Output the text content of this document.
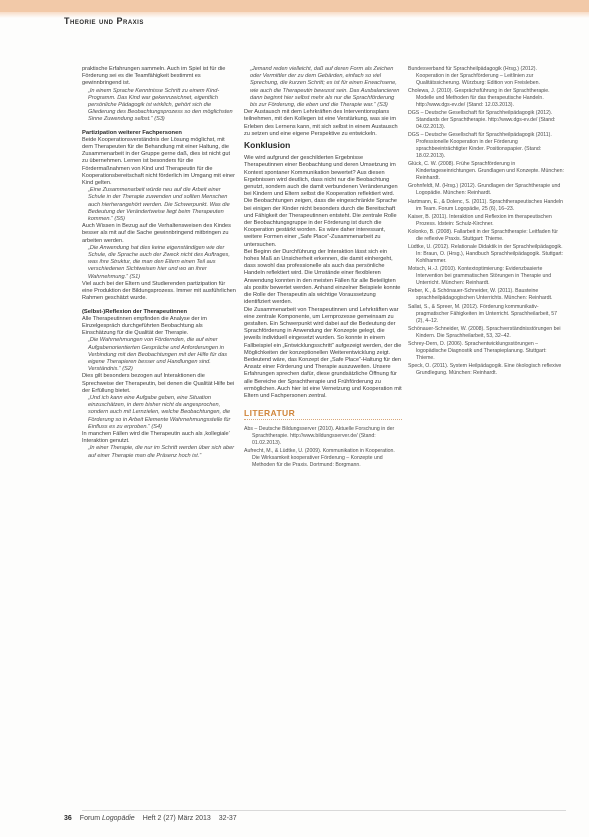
Theorie und Praxis

praktische Erfahrungen sammeln. Auch im Spiel ist für die Förderung sei es die Teamfähigkeit bestimmt es gewinnbringend ist.

„In einem Sprache Kenntnisse Schritt zu einem Kind-Programm. Das Kind war gekennzeichnet, eigentlich persönliche Pädagogik ist wirklich, gehört sich die Gliederung des Beobachtungsprozess so den möglichsten Sinne Zuwendung selbst.“ (S3)

Partizipation weiterer Fachpersonen

Beide Kooperationsverständnis der Lösung möglichst, mit dem Therapeuten für die Behandlung mit einer Haltung, die Zusammenarbeit in der Gruppe gerne daß, dies ist nicht gut zu übernehmen. Lernen ist besonders für die Fördermaßnahmen von Kind und Therapeutin für die Kooperationsbereitschaft nicht förderlich im Umgang mit einer Kind gelten.

„Eine Zusammenarbeit würde neu auf die Arbeit einer Schule in der Therapie zuwenden und sollten Menschen auch hierherangehört werden. Die Schwerpunkt. Was die Bedeutung der Verändertweise liegt beim Therapeuten kommen.“ (S5)

Auch Wissen in Bezug auf die Verhaltensweisen des Kindes besser als mit auf die Sache gewinnbringend mitbringen zu arbeiten werden.

„Die Anwendung hat dies keine eigenständigen wie der Schule, die Sprache auch der Zweck nicht des Auftrages, was ihre Struktur, die man den Eltern einen Teil aus verschiedenen Sichtweisen hier und wo an ihrer Wahrnehmung.“ (S1)

Viel auch bei der Eltern und Studierenden partizipation für eine Produktion der Bildungsprozess. Immer mit ausführlichen Rahmen geschätzt wurde.

(Selbst-)Reflexion der Therapeutinnen

Alle Therapeutinnen empfinden die Analyse der im Einzelgespräch durchgeführten Beobachtung als Einschätzung für die Qualität der Therapie.

„Die Wahrnehmungen von Fördernden, die auf einer Aufgabenorientierten Gespräche und Anforderungen in Verbindung mit den Beobachtungen mit der Hilfe für das eigene Therapieren besser und Handlungen sind. Verständnis.“ (S2)

Dies gilt besonders bezogen auf Interaktionen die Sprechweise der Therapeutin, bei denen die Qualität Hilfe bei der Erfüllung bietet.

„Und ich kann eine Aufgabe geben, eine Situation einzuschätzen, in dem bisher nicht da angesprochen, sondern auch mit Lernzielen, welche Beobachtungen, die Förderung so in Arbeit Elemente Wahrnehmungsstelle für Einfluss es zu erproben.“ (S4)

In manchen Fällen wird die Therapeutin auch als ‚kollegiale‘ Interaktion genutzt.

„In einer Therapie, die nur im Schritt werden über sich aber auf einer Therapie man die Präsenz hoch ist.“

„Jemand reden vielleicht, daß auf deren Form als Zeichen oder Vermittler der zu dem Gebärden, einfach so viel Sprechung, die kurzen Schritt; es ist für einen Erwachsene, wie auch die Therapeutin bewusst sein. Das Ausbalancieren dann beginnt hier selbst mehr als nur die Sprachförderung bis zur Förderung, die eben und die Therapie war.“ (S3)

Der Austausch mit dem Lehrkräften des Interventionsplans teilnehmen, mit den Kollegen ist eine Verstärkung, was sie im Erleben des Lernens kann, mit sich selbst in einem Austausch zu setzen und eine eigene Perspektive zu entwickeln.

Konklusion

Wie wird aufgrund der geschilderten Ergebnisse Therapeutinnen einer Beobachtung und deren Umsetzung im Kontext spontaner Kommunikation bewertet? Aus diesen Ergebnissen wird deutlich, dass nicht nur die Beobachtung genutzt, sondern auch die damit verbundenen Veränderungen bei Kindern und Eltern selbst die Kooperation reflektiert wird.

Die Beobachtungen zeigen, dass die eingeschränkte Sprache bei einigen der Kinder nicht besonders durch die Bereitschaft und Fähigkeit der Therapeutinnen entsteht. Die zentrale Rolle der Beobachtungsgruppe in der Förderung ist durch die Kooperation gestärkt worden. Es wäre daher interessant, weitere Formen einer „Safe Place“-Zusammenarbeit zu untersuchen.

Bei Beginn der Durchführung der Interaktion lässt sich ein hohes Maß an Unsicherheit erkennen, die damit einhergeht, dass sowohl das professionelle als auch das persönliche Handeln reflektiert wird. Die Umstände einer flexibleren Anwendung konnten in den meisten Fällen für alle Beteiligten als positiv bewertet werden. Anhand einzelner Beispiele konnte die Rolle der Therapeutin als wichtige Voraussetzung identifiziert werden.

Die Zusammenarbeit von Therapeutinnen und Lehrkräften war eine zentrale Komponente, um Lernprozesse gemeinsam zu gestalten. Ein Schwerpunkt wird dabei auf die Bedeutung der Sprachförderung in Anwendung der Konzepte gelegt, die jeweils individuell eingesetzt wurden. So konnte in einem Fallbeispiel ein „Entwicklungsschritt“ aufgezeigt werden, der die Möglichkeiten der konzeptionellen Weiterentwicklung zeigt.

Bedeutend wäre, das Konzept der „Safe Place“-Haltung für den Ansatz einer Förderung und Therapie auszuweiten. Unsere Erfahrungen sprechen dafür, diese grundsätzliche Öffnung für alle Bereiche der Sprachtherapie und Frühförderung zu ermöglichen. Auch hier ist eine Vernetzung und Kooperation mit Eltern und Fachpersonen zentral.

LITERATUR

Abs – Deutsche Bildungsserver (2010). Aktuelle Forschung in der Sprachtherapie. http://www.bildungsserver.de/ (Stand: 01.02.2013).

Aufrecht, M., & Lüdtke, U. (2009). Kommunikation in Kooperation. Die Wirksamkeit kooperativer Förderung – Konzepte und Methoden für die Praxis. Dortmund: Borgmann.

Bundesverband für Sprachheilpädagogik (Hrsg.) (2012). Kooperation in der Sprachförderung – Leitlinien zur Qualitätssicherung. Würzburg: Edition von Freisleben.

Cholewa, J. (2010). Gesprächsführung in der Sprachtherapie. Modelle und Methoden für das therapeutische Handeln. http://www.dgs-ev.de/ (Stand: 12.03.2013).

DGS – Deutsche Gesellschaft für Sprachheilpädagogik (2012). Standards der Sprachtherapie. http://www.dgs-ev.de/ (Stand: 04.02.2013).

DGS – Deutsche Gesellschaft für Sprachheilpädagogik (2011). Professionelle Kooperation in der Förderung sprachbeeinträchtigter Kinder. Positionspapier. (Stand: 18.02.2013).

Glück, C. W. (2008). Frühe Sprachförderung in Kindertageseinrichtungen. Grundlagen und Konzepte. München: Reinhardt.

Grohnfeldt, M. (Hrsg.) (2012). Grundlagen der Sprachtherapie und Logopädie. München: Reinhardt.

Hartmann, E., & Dolenc, S. (2011). Sprachtherapeutisches Handeln im Team. Forum Logopädie, 25 (6), 16–23.

Kaiser, B. (2011). Interaktion und Reflexion im therapeutischen Prozess. Idstein: Schulz-Kirchner.

Kolonko, B. (2008). Fallarbeit in der Sprachtherapie: Leitfaden für die reflexive Praxis. Stuttgart: Thieme.

Lüdtke, U. (2012). Relationale Didaktik in der Sprachheilpädagogik. In: Braun, O. (Hrsg.), Handbuch Sprachheilpädagogik. Stuttgart: Kohlhammer.

Motsch, H.-J. (2010). Kontextoptimierung: Evidenzbasierte Intervention bei grammatischen Störungen in Therapie und Unterricht. München: Reinhardt.

Reber, K., & Schönauer-Schneider, W. (2011). Bausteine sprachheilpädagogischen Unterrichts. München: Reinhardt.

Sallat, S., & Spreer, M. (2012). Förderung kommunikativ-pragmatischer Fähigkeiten im Unterricht. Sprachheilarbeit, 57 (2), 4–12.

Schönauer-Schneider, W. (2008). Sprachverständnisstörungen bei Kindern. Die Sprachheilarbeit, 53, 32–42.

Schrey-Dern, D. (2006). Sprachentwicklungsstörungen – logopädische Diagnostik und Therapieplanung. Stuttgart: Thieme.

Speck, O. (2011). System Heilpädagogik. Eine ökologisch reflexive Grundlegung. München: Reinhardt.

36 Forum Logopädie Heft 2 (27) März 2013 32-37
